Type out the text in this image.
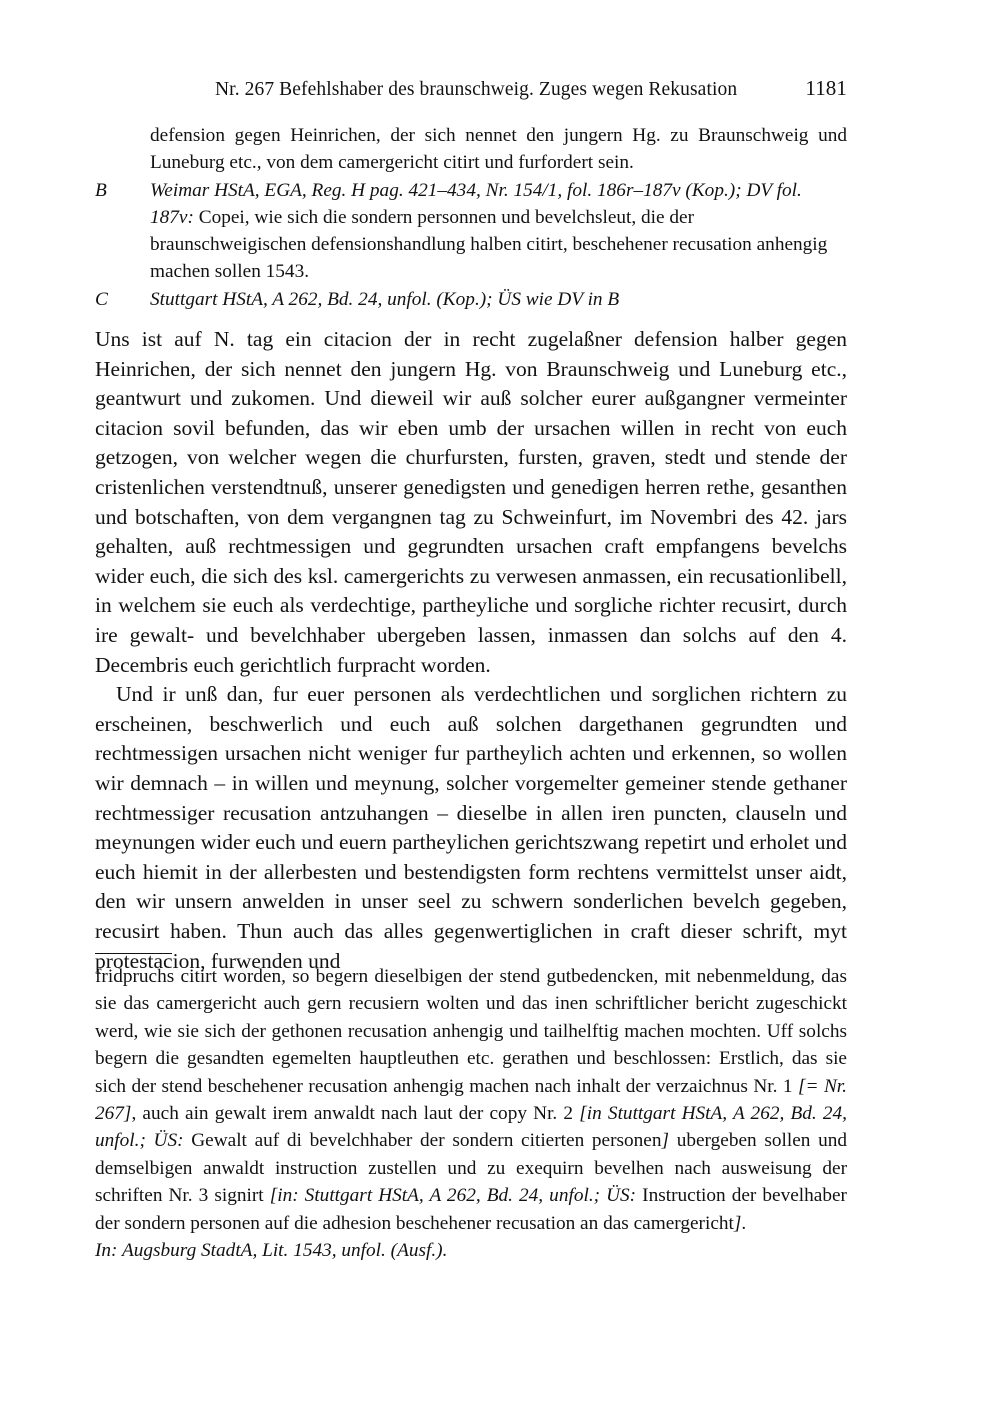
Nr. 267 Befehlshaber des braunschweig. Zuges wegen Rekusation	1181

defension gegen Heinrichen, der sich nennet den jungern Hg. zu Braunschweig und Luneburg etc., von dem camergericht citirt und furfordert sein.

B Weimar HStA, EGA, Reg. H pag. 421–434, Nr. 154/1, fol. 186r–187v (Kop.); DV fol. 187v: Copei, wie sich die sondern personnen und bevelchsleut, die der braunschweigischen defensionshandlung halben citirt, beschehener recusation anhengig machen sollen 1543.
C Stuttgart HStA, A 262, Bd. 24, unfol. (Kop.); ÜS wie DV in B

Uns ist auf N. tag ein citacion der in recht zugelaßner defension halber gegen Heinrichen, der sich nennet den jungern Hg. von Braunschweig und Luneburg etc., geantwurt und zukomen. Und dieweil wir auß solcher eurer außgangner vermeinter citacion sovil befunden, das wir eben umb der ursachen willen in recht von euch getzogen, von welcher wegen die churfursten, fursten, graven, stedt und stende der cristenlichen verstendtnuß, unserer genedigsten und genedigen herren rethe, gesanthen und botschaften, von dem vergangnen tag zu Schweinfurt, im Novembri des 42. jars gehalten, auß rechtmessigen und gegrundten ursachen craft empfangens bevelchs wider euch, die sich des ksl. camergerichts zu verwesen anmassen, ein recusationlibell, in welchem sie euch als verdechtige, partheyliche und sorgliche richter recusirt, durch ire gewalt- und bevelchhaber ubergeben lassen, inmassen dan solchs auf den 4. Decembris euch gerichtlich furpracht worden.

Und ir unß dan, fur euer personen als verdechtlichen und sorglichen richtern zu erscheinen, beschwerlich und euch auß solchen dargethanen gegrundten und rechtmessigen ursachen nicht weniger fur partheylich achten und erkennen, so wollen wir demnach – in willen und meynung, solcher vorgemelter gemeiner stende gethaner rechtmessiger recusation antzuhangen – dieselbe in allen iren puncten, clauseln und meynungen wider euch und euern partheylichen gerichtszwang repetirt und erholet und euch hiemit in der allerbesten und bestendigsten form rechtens vermittelst unser aidt, den wir unsern anwelden in unser seel zu schwern sonderlichen bevelch gegeben, recusirt haben. Thun auch das alles gegenwertiglichen in craft dieser schrift, myt protestacion, furwenden und

fridpruchs citirt worden, so begern dieselbigen der stend gutbedencken, mit nebenmeldung, das sie das camergericht auch gern recusiern wolten und das inen schriftlicher bericht zugeschickt werd, wie sie sich der gethonen recusation anhengig und tailhelftig machen mochten. Uff solchs begern die gesandten egemelten hauptleuthen etc. gerathen und beschlossen: Erstlich, das sie sich der stend beschehener recusation anhengig machen nach inhalt der verzaichnus Nr. 1 [= Nr. 267], auch ain gewalt irem anwaldt nach laut der copy Nr. 2 [in Stuttgart HStA, A 262, Bd. 24, unfol.; ÜS: Gewalt auf di bevelchhaber der sondern citierten personen] ubergeben sollen und demselbigen anwaldt instruction zustellen und zu exequirn bevelhen nach ausweisung der schriften Nr. 3 signirt [in: Stuttgart HStA, A 262, Bd. 24, unfol.; ÜS: Instruction der bevelhaber der sondern personen auf die adhesion beschehener recusation an das camergericht].
In: Augsburg StadtA, Lit. 1543, unfol. (Ausf.).
